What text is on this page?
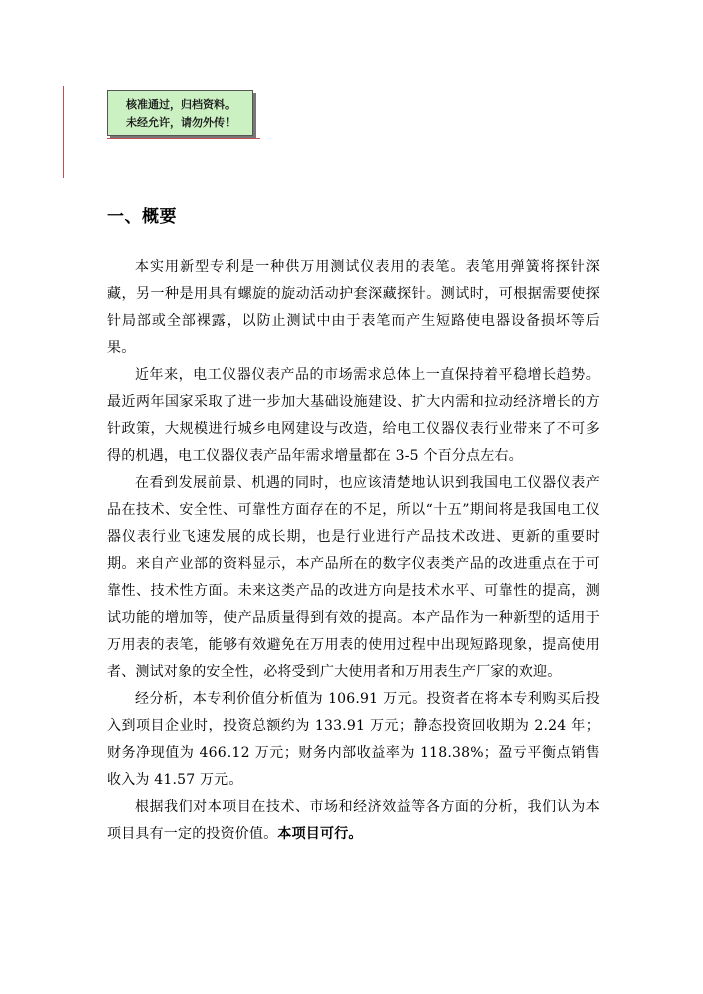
核准通过，归档资料。
未经允许，请勿外传！
一、概要

本实用新型专利是一种供万用测试仪表用的表笔。表笔用弹簧将探针深藏，另一种是用具有螺旋的旋动活动护套深藏探针。测试时，可根据需要使探针局部或全部裸露，以防止测试中由于表笔而产生短路使电器设备损坏等后果。

近年来，电工仪器仪表产品的市场需求总体上一直保持着平稳增长趋势。最近两年国家采取了进一步加大基础设施建设、扩大内需和拉动经济增长的方针政策，大规模进行城乡电网建设与改造，给电工仪器仪表行业带来了不可多得的机遇，电工仪器仪表产品年需求增量都在 3-5 个百分点左右。

在看到发展前景、机遇的同时，也应该清楚地认识到我国电工仪器仪表产品在技术、安全性、可靠性方面存在的不足，所以“十五”期间将是我国电工仪器仪表行业飞速发展的成长期，也是行业进行产品技术改进、更新的重要时期。来自产业部的资料显示，本产品所在的数字仪表类产品的改进重点在于可靠性、技术性方面。未来这类产品的改进方向是技术水平、可靠性的提高，测试功能的增加等，使产品质量得到有效的提高。本产品作为一种新型的适用于万用表的表笔，能够有效避免在万用表的使用过程中出现短路现象，提高使用者、测试对象的安全性，必将受到广大使用者和万用表生产厂家的欢迎。

经分析，本专利价值分析值为 106.91 万元。投资者在将本专利购买后投入到项目企业时，投资总额约为 133.91 万元；静态投资回收期为 2.24 年；财务净现值为 466.12 万元；财务内部收益率为 118.38%；盈亏平衡点销售收入为 41.57 万元。

根据我们对本项目在技术、市场和经济效益等各方面的分析，我们认为本项目具有一定的投资价值。本项目可行。
